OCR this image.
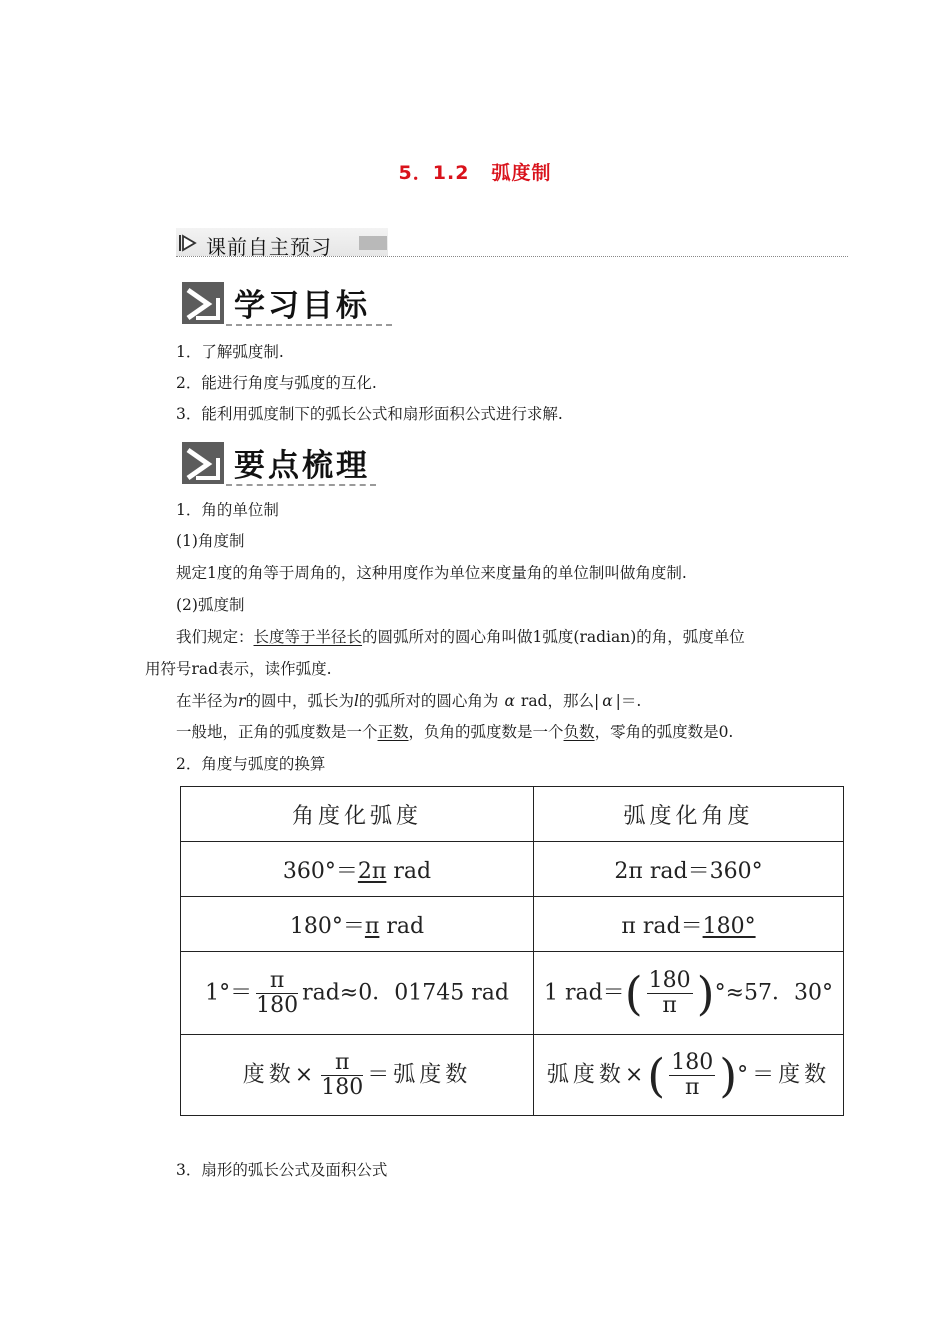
5．1.2 弧度制
课前自主预习
学习目标
1．了解弧度制.
2．能进行角度与弧度的互化.
3．能利用弧度制下的弧长公式和扇形面积公式进行求解.
要点梳理
1．角的单位制
(1)角度制
规定1度的角等于周角的，这种用度作为单位来度量角的单位制叫做角度制.
(2)弧度制
我们规定：长度等于半径长的圆弧所对的圆心角叫做1弧度(radian)的角，弧度单位
用符号rad表示，读作弧度.
在半径为r的圆中，弧长为l的弧所对的圆心角为 α rad，那么| α |＝.
一般地，正角的弧度数是一个正数，负角的弧度数是一个负数，零角的弧度数是0.
2．角度与弧度的换算
角度化弧度	弧度化角度
360°＝2π rad	2π rad＝360°
180°＝π rad	π rad＝180°
$1^\circ= \frac{\pi}{180} rad\approx 0$．01745 rad	1 $rad=( \frac{180}{\pi} )^\circ\approx 57$．30°
度数× $\frac{\pi}{180}$ ＝弧度数	弧度数×( $\frac{180}{\pi}$ )°＝度数
3．扇形的弧长公式及面积公式
